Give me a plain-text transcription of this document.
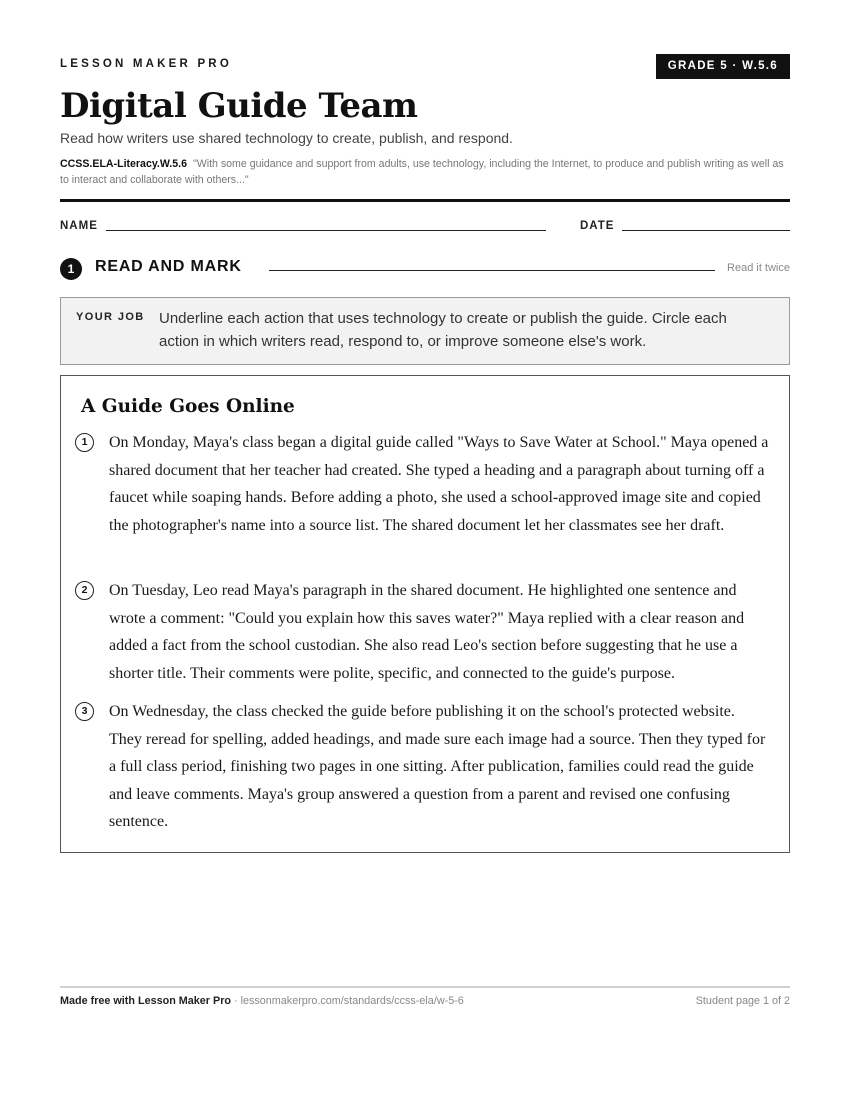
LESSON MAKER PRO	GRADE 5 · W.5.6
Digital Guide Team
Read how writers use shared technology to create, publish, and respond.
CCSS.ELA-Literacy.W.5.6 "With some guidance and support from adults, use technology, including the Internet, to produce and publish writing as well as to interact and collaborate with others..."
NAME	DATE
1	READ AND MARK	Read it twice
YOUR JOB Underline each action that uses technology to create or publish the guide. Circle each action in which writers read, respond to, or improve someone else's work.
A Guide Goes Online
1	On Monday, Maya's class began a digital guide called "Ways to Save Water at School." Maya opened a shared document that her teacher had created. She typed a heading and a paragraph about turning off a faucet while soaping hands. Before adding a photo, she used a school-approved image site and copied the photographer's name into a source list. The shared document let her classmates see her draft.

2	On Tuesday, Leo read Maya's paragraph in the shared document. He highlighted one sentence and wrote a comment: "Could you explain how this saves water?" Maya replied with a clear reason and added a fact from the school custodian. She also read Leo's section before suggesting that he use a shorter title. Their comments were polite, specific, and connected to the guide's purpose.

3	On Wednesday, the class checked the guide before publishing it on the school's protected website. They reread for spelling, added headings, and made sure each image had a source. Then they typed for a full class period, finishing two pages in one sitting. After publication, families could read the guide and leave comments. Maya's group answered a question from a parent and revised one confusing sentence.

Made free with Lesson Maker Pro · lessonmakerpro.com/standards/ccss-ela/w-5-6	Student page 1 of 2
